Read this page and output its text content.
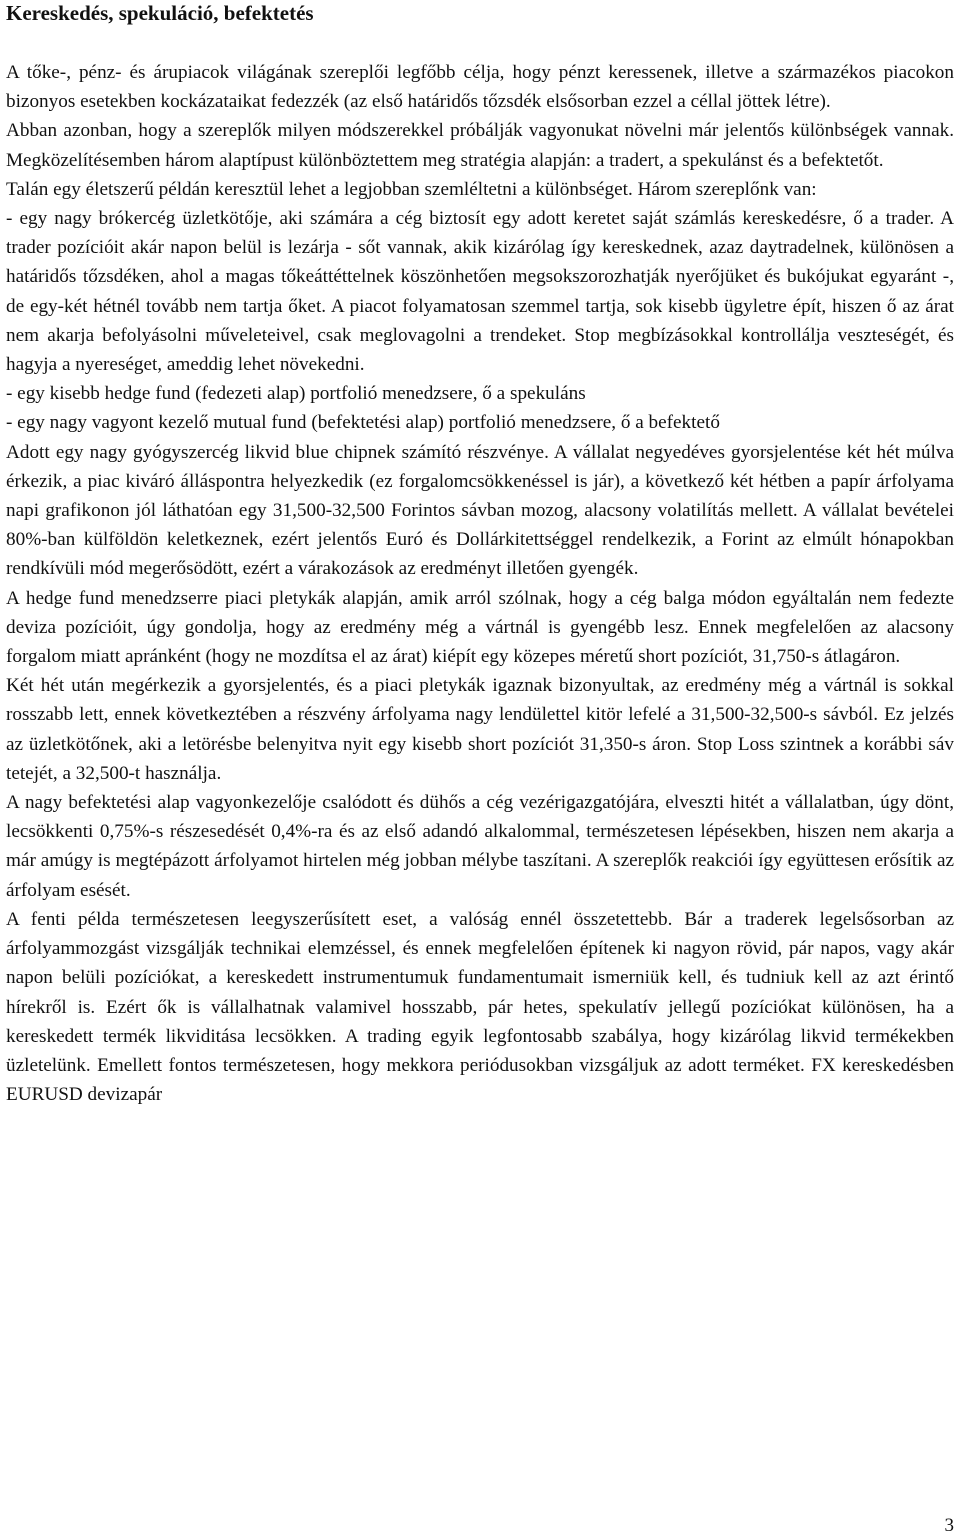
Kereskedés, spekuláció, befektetés

A tőke-, pénz- és árupiacok világának szereplői legfőbb célja, hogy pénzt keressenek, illetve a származékos piacokon bizonyos esetekben kockázataikat fedezzék (az első határidős tőzsdék elsősorban ezzel a céllal jöttek létre).

Abban azonban, hogy a szereplők milyen módszerekkel próbálják vagyonukat növelni már jelentős különbségek vannak. Megközelítésemben három alaptípust különböztettem meg stratégia alapján: a tradert, a spekulánst és a befektetőt.

Talán egy életszerű példán keresztül lehet a legjobban szemléltetni a különbséget. Három szereplőnk van:

- egy nagy brókercég üzletkötője, aki számára a cég biztosít egy adott keretet saját számlás kereskedésre, ő a trader. A trader pozícióit akár napon belül is lezárja - sőt vannak, akik kizárólag így kereskednek, azaz daytradelnek, különösen a határidős tőzsdéken, ahol a magas tőkeáttéttelnek köszönhetően megsokszorozhatják nyerőjüket és bukójukat egyaránt -, de egy-két hétnél tovább nem tartja őket. A piacot folyamatosan szemmel tartja, sok kisebb ügyletre épít, hiszen ő az árat nem akarja befolyásolni műveleteivel, csak meglovagolni a trendeket. Stop megbízásokkal kontrollálja veszteségét, és hagyja a nyereséget, ameddig lehet növekedni.

- egy kisebb hedge fund (fedezeti alap) portfolió menedzsere, ő a spekuláns

- egy nagy vagyont kezelő mutual fund (befektetési alap) portfolió menedzsere, ő a befektető

Adott egy nagy gyógyszercég likvid blue chipnek számító részvénye. A vállalat negyedéves gyorsjelentése két hét múlva érkezik, a piac kiváró álláspontra helyezkedik (ez forgalomcsökkenéssel is jár), a következő két hétben a papír árfolyama napi grafikonon jól láthatóan egy 31,500-32,500 Forintos sávban mozog, alacsony volatilítás mellett. A vállalat bevételei 80%-ban külföldön keletkeznek, ezért jelentős Euró és Dollárkitettséggel rendelkezik, a Forint az elmúlt hónapokban rendkívüli mód megerősödött, ezért a várakozások az eredményt illetően gyengék.

A hedge fund menedzserre piaci pletykák alapján, amik arról szólnak, hogy a cég balga módon egyáltalán nem fedezte deviza pozícióit, úgy gondolja, hogy az eredmény még a vártnál is gyengébb lesz. Ennek megfelelően az alacsony forgalom miatt apránként (hogy ne mozdítsa el az árat) kiépít egy közepes méretű short pozíciót, 31,750-s átlagáron.

Két hét után megérkezik a gyorsjelentés, és a piaci pletykák igaznak bizonyultak, az eredmény még a vártnál is sokkal rosszabb lett, ennek következtében a részvény árfolyama nagy lendülettel kitör lefelé a 31,500-32,500-s sávból. Ez jelzés az üzletkötőnek, aki a letörésbe belenyitva nyit egy kisebb short pozíciót 31,350-s áron. Stop Loss szintnek a korábbi sáv tetejét, a 32,500-t használja.

A nagy befektetési alap vagyonkezelője csalódott és dühős a cég vezérigazgatójára, elveszti hitét a vállalatban, úgy dönt, lecsökkenti 0,75%-s részesedését 0,4%-ra és az első adandó alkalommal, természetesen lépésekben, hiszen nem akarja a már amúgy is megtépázott árfolyamot hirtelen még jobban mélybe taszítani. A szereplők reakciói így együttesen erősítik az árfolyam esését.

A fenti példa természetesen leegyszerűsített eset, a valóság ennél összetettebb. Bár a traderek legelsősorban az árfolyammozgást vizsgálják technikai elemzéssel, és ennek megfelelően építenek ki nagyon rövid, pár napos, vagy akár napon belüli pozíciókat, a kereskedett instrumentumuk fundamentumait ismerniük kell, és tudniuk kell az azt érintő hírekről is. Ezért ők is vállalhatnak valamivel hosszabb, pár hetes, spekulatív jellegű pozíciókat különösen, ha a kereskedett termék likviditása lecsökken. A trading egyik legfontosabb szabálya, hogy kizárólag likvid termékekben üzletelünk. Emellett fontos természetesen, hogy mekkora periódusokban vizsgáljuk az adott terméket. FX kereskedésben EURUSD devizapár

3
